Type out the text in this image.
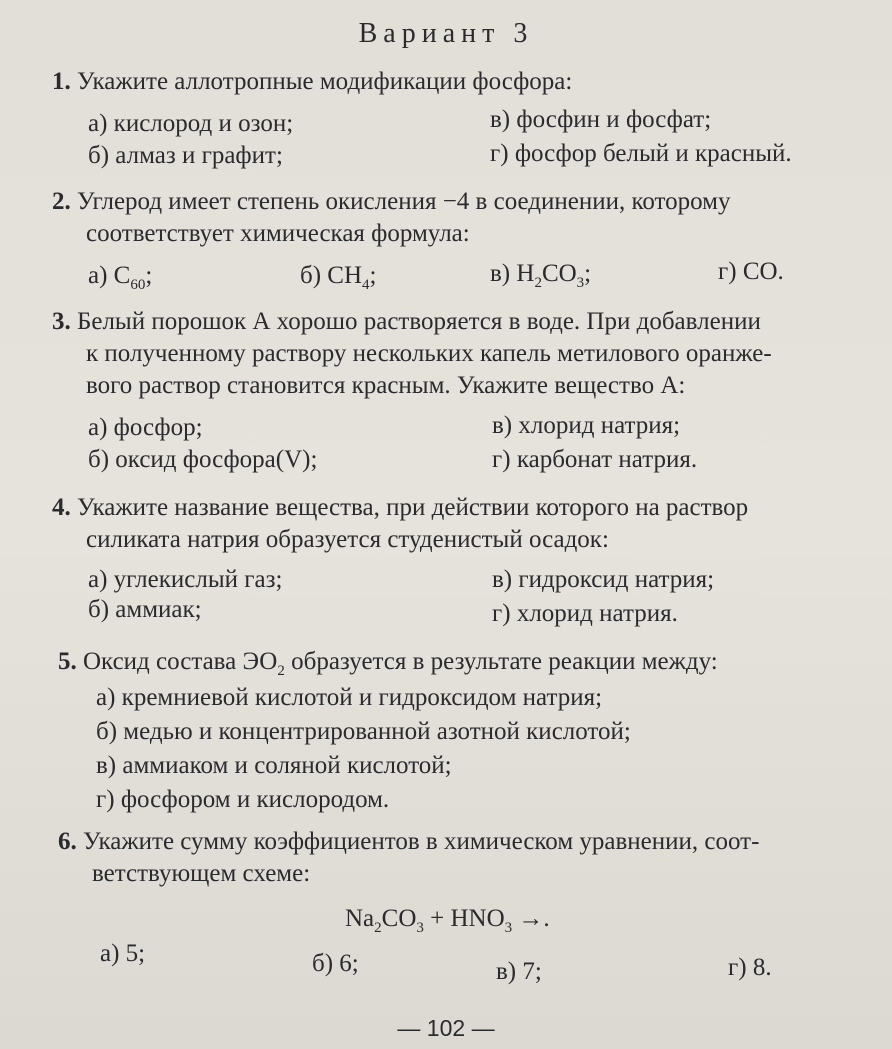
Вариант 3
1. Укажите аллотропные модификации фосфора:
а) кислород и озон;
б) алмаз и графит;
в) фосфин и фосфат;
г) фосфор белый и красный.
2. Углерод имеет степень окисления −4 в соединении, которому
соответствует химическая формула:
а) $C_{60}$;	б) $CH_4$;	в) $H_2CO_3$;	г) CO.
3. Белый порошок А хорошо растворяется в воде. При добавлении
к полученному раствору нескольких капель метилового оранже-
вого раствор становится красным. Укажите вещество А:
а) фосфор;
б) оксид фосфора(V);
в) хлорид натрия;
г) карбонат натрия.
4. Укажите название вещества, при действии которого на раствор
силиката натрия образуется студенистый осадок:
а) углекислый газ;
б) аммиак;
в) гидроксид натрия;
г) хлорид натрия.
5. Оксид состава $ЭО_2$ образуется в результате реакции между:
а) кремниевой кислотой и гидроксидом натрия;
б) медью и концентрированной азотной кислотой;
в) аммиаком и соляной кислотой;
г) фосфором и кислородом.
6. Укажите сумму коэффициентов в химическом уравнении, соот-
ветствующем схеме:
$Na_2CO_3 + HNO_3$ →.
а) 5;	б) 6;	в) 7;	г) 8.
— 102 —
